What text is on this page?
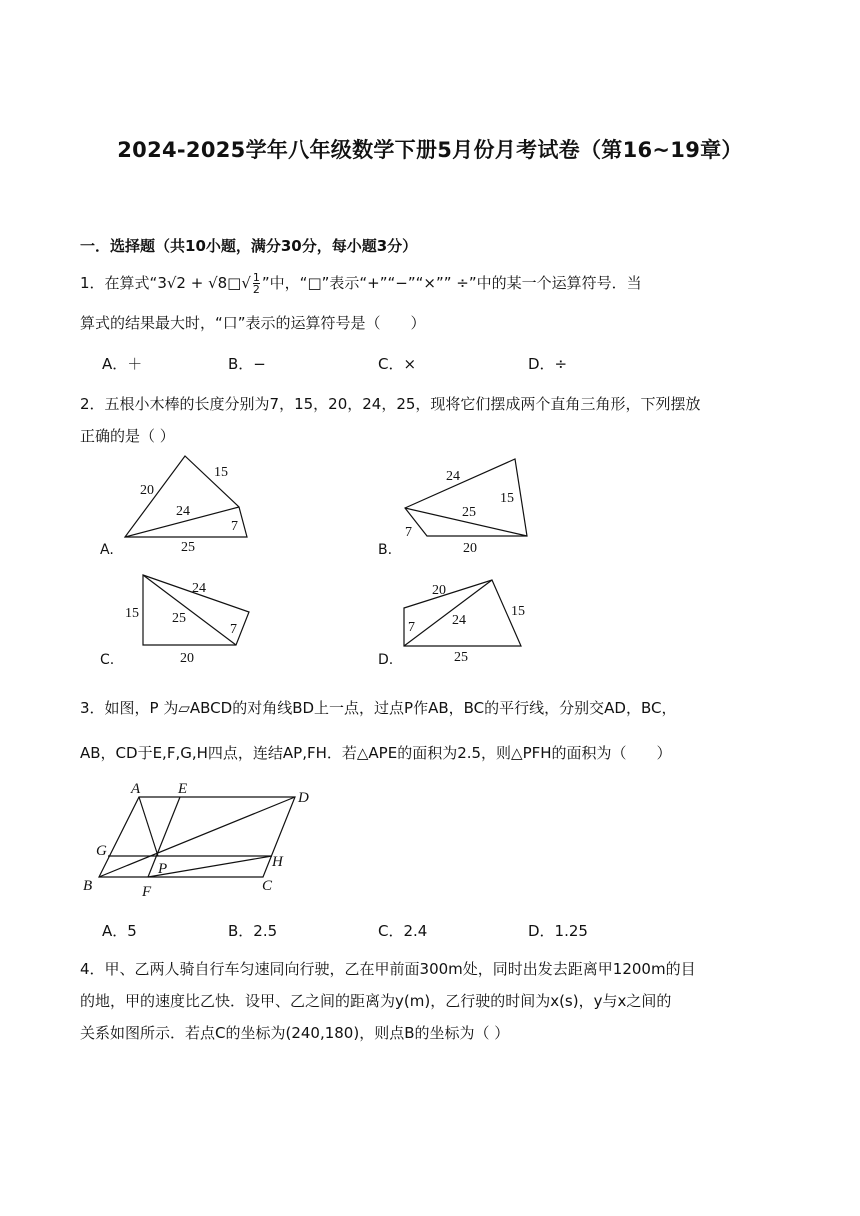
2024-2025学年八年级数学下册5月份月考试卷（第16~19章）
一．选择题（共10小题，满分30分，每小题3分）
1．在算式“3√2 + √8□√ $\frac{1}{2}$ ”中，“□”表示“+”“−”“×”” ÷”中的某一个运算符号．当
算式的结果最大时，“口”表示的运算符号是（　　）
A．＋	B．−	C．×	D．÷
2．五根小木棒的长度分别为7，15，20，24，25，现将它们摆成两个直角三角形，下列摆放
正确的是（ ）
20
15
24
7
25
24
15
25
7
20
24
15 25
7
20
20
15
24
7
25
A	E
D
G
P	H
B	F	C
A.	B.
C.	D.
3．如图，P 为▱ABCD的对角线BD上一点，过点P作AB，BC的平行线，分别交AD，BC，
AB，CD于E,F,G,H四点，连结AP,FH．若△APE的面积为2.5，则△PFH的面积为（　　）
A．5	B．2.5	C．2.4	D．1.25
4．甲、乙两人骑自行车匀速同向行驶，乙在甲前面300m处，同时出发去距离甲1200m的目
的地，甲的速度比乙快．设甲、乙之间的距离为y(m)，乙行驶的时间为x(s)，y与x之间的
关系如图所示．若点C的坐标为(240,180)，则点B的坐标为（ ）
